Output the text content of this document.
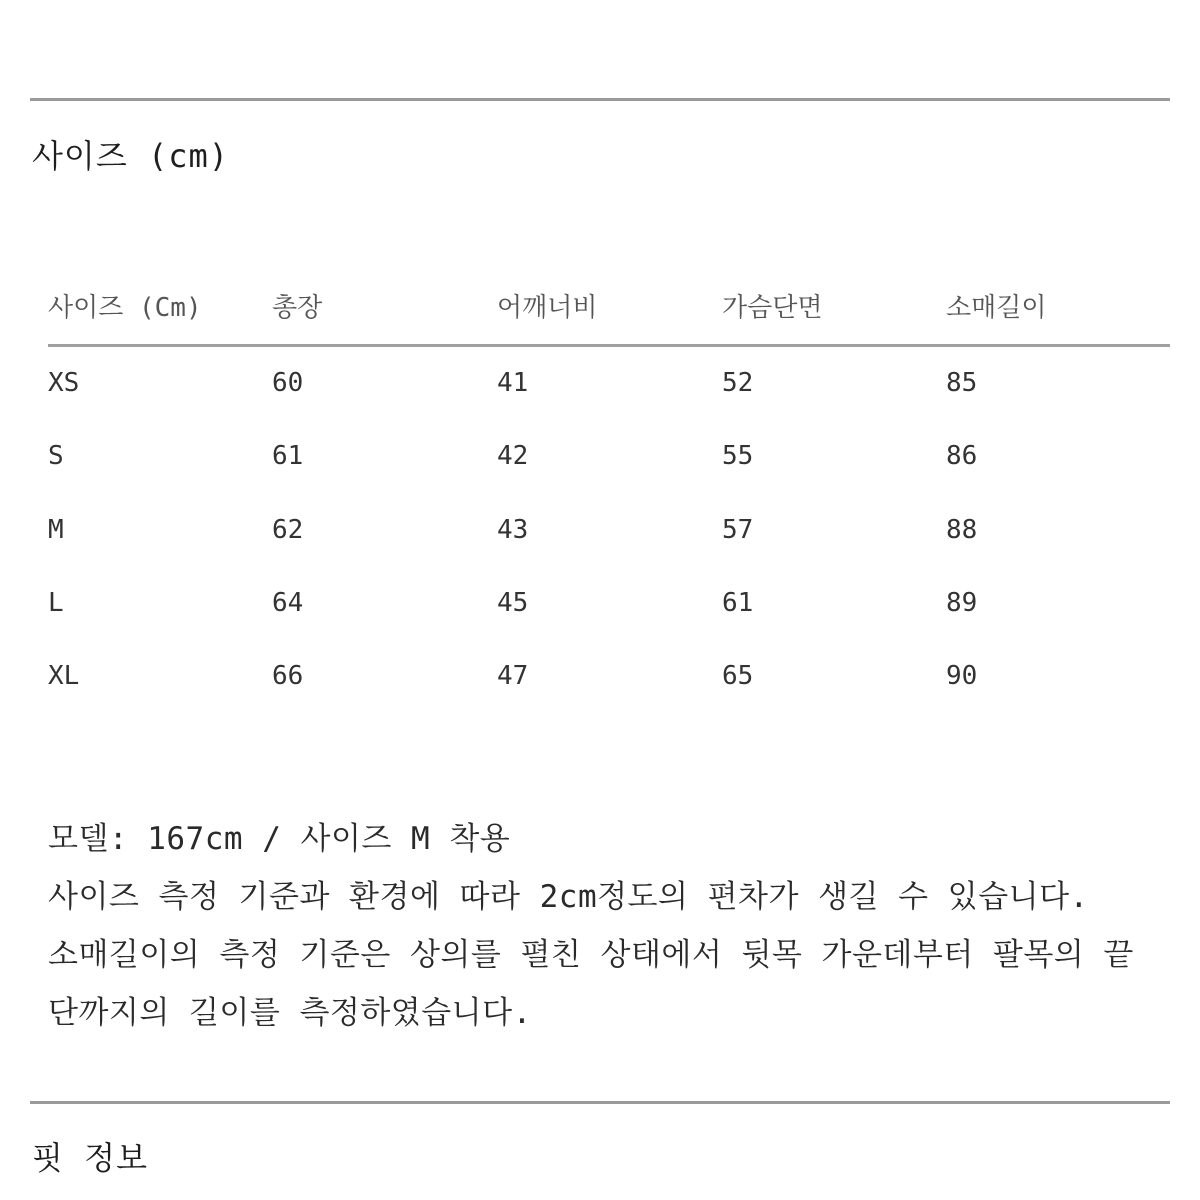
사이즈 (cm)
사이즈 (Cm)	총장	어깨너비	가슴단면	소매길이
XS	60	41	52	85
S	61	42	55	86
M	62	43	57	88
L	64	45	61	89
XL	66	47	65	90
모델: 167cm / 사이즈 M 착용
사이즈 측정 기준과 환경에 따라 2cm정도의 편차가 생길 수 있습니다.
소매길이의 측정 기준은 상의를 펼친 상태에서 뒷목 가운데부터 팔목의 끝
단까지의 길이를 측정하였습니다.
핏 정보
